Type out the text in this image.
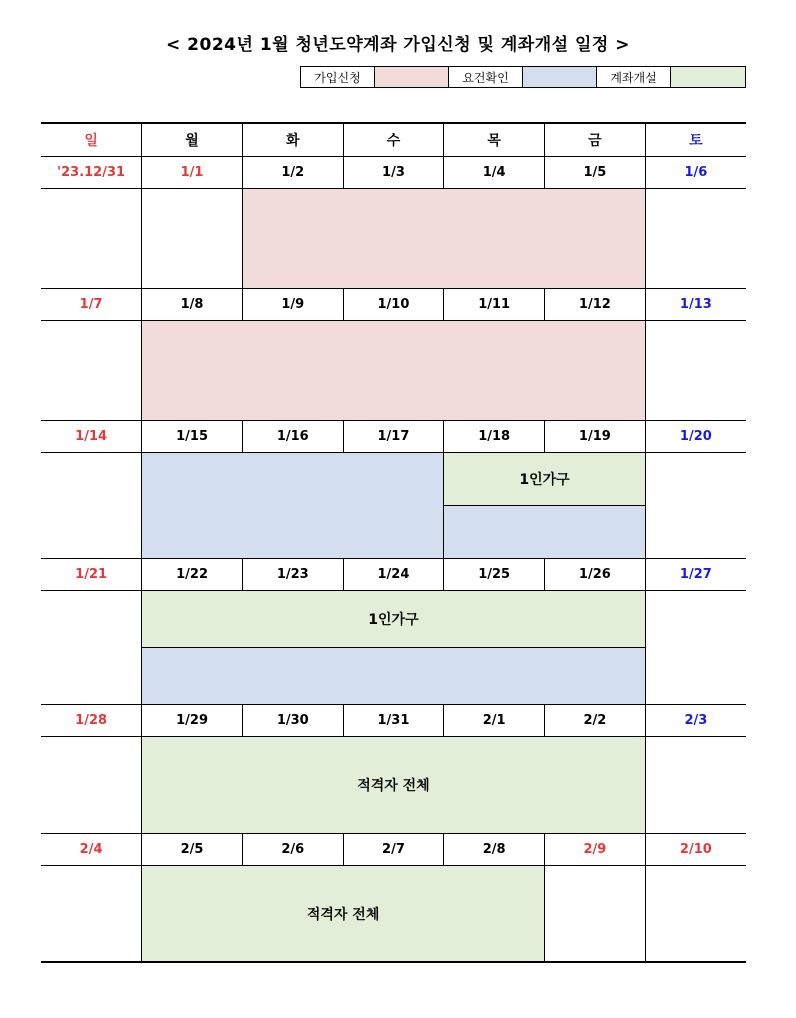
< 2024년 1월 청년도약계좌 가입신청 및 계좌개설 일정 >
가입신청	요건확인	계좌개설
일	월	화	수	목	금	토
'23.12/31	1/1	1/2	1/3	1/4	1/5	1/6

1/7	1/8	1/9	1/10	1/11	1/12	1/13

1/14	1/15	1/16	1/17	1/18	1/19	1/20
				1인가구		

1/21	1/22	1/23	1/24	1/25	1/26	1/27
	1인가구					

1/28	1/29	1/30	1/31	2/1	2/2	2/3
	적격자 전체					
2/4	2/5	2/6	2/7	2/8	2/9	2/10
	적격자 전체					
